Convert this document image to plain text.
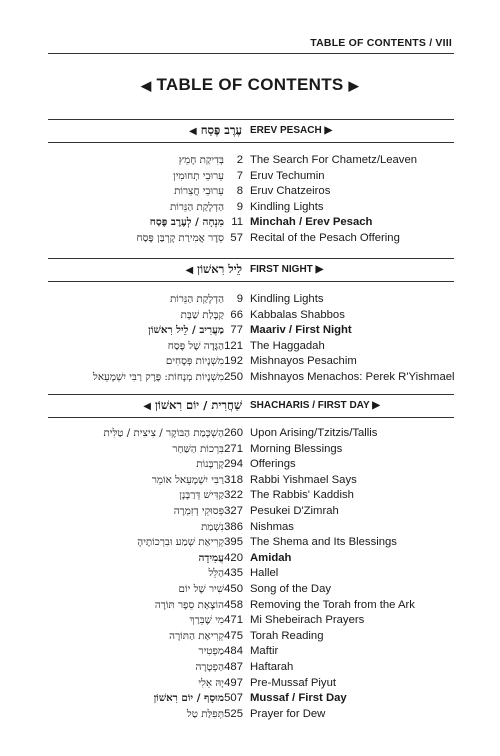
TABLE OF CONTENTS / VIII
◀ TABLE OF CONTENTS ▶
עֶרֶב פֶּסַח ◀	EREV PESACH ▶
בְּדִיקַת חָמֵץ	2 The Search For Chametz/Leaven
עֵרוּבֵי תְחוּמִין	7 Eruv Techumin
עֵרוּבֵי חֲצֵרוֹת	8 Eruv Chatzeiros
הַדְלָקַת הַנֵּרוֹת	9 Kindling Lights
מִנְחָה / לְעֶרֶב פֶּסַח 11 Minchah / Erev Pesach
סֵדֶר אֲמִירַת קָרְבַּן פֶּסַח 57 Recital of the Pesach Offering
לֵיל רִאשׁוֹן ◀	FIRST NIGHT ▶
הַדְלָקַת הַנֵּרוֹת	9 Kindling Lights
קַבָּלַת שַׁבָּת 66 Kabbalas Shabbos
מַעֲרִיב / לֵיל רִאשׁוֹן 77 Maariv / First Night
הַגָּדָה שֶׁל פֶּסַח 121 The Haggadah
מִשְׁנָיוֹת פְּסָחִים 192 Mishnayos Pesachim
מִשְׁנָיוֹת מְנָחוֹת: פֶּרֶק רַבִּי יִשְׁמָעֵאל 250 Mishnayos Menachos: Perek R'Yishmael
שַׁחֲרִית / יוֹם רִאשׁוֹן ◀	SHACHARIS / FIRST DAY ▶
הַשְׁכָּמַת הַבּוֹקֶר / צִיצִית / טַלִּית 260 Upon Arising/Tzitzis/Tallis
בִּרְכוֹת הַשַּׁחַר 271 Morning Blessings
קָרְבָּנוֹת 294 Offerings
רַבִּי יִשְׁמָעֵאל אוֹמֵר 318 Rabbi Yishmael Says
קַדִּישׁ דְּרַבָּנָן 322 The Rabbis' Kaddish
פְּסוּקֵי דְזִמְרָה 327 Pesukei D'Zimrah
נִשְׁמַת 386 Nishmas
קְרִיאַת שְׁמַע וּבִרְכוֹתֶיהָ 395 The Shema and Its Blessings
עֲמִידָה 420 Amidah
הַלֵּל 435 Hallel
שִׁיר שֶׁל יוֹם 450 Song of the Day
הוֹצָאַת סֵפֶר תּוֹרָה 458 Removing the Torah from the Ark
מִי שֶׁבֵּרַךְ 471 Mi Shebeirach Prayers
קְרִיאַת הַתּוֹרָה 475 Torah Reading
מַפְטִיר 484 Maftir
הַפְטָרָה 487 Haftarah
יָהּ אֵלִי 497 Pre-Mussaf Piyut
מוּסָף / יוֹם רִאשׁוֹן 507 Mussaf / First Day
תְּפִלַּת טַל 525 Prayer for Dew
